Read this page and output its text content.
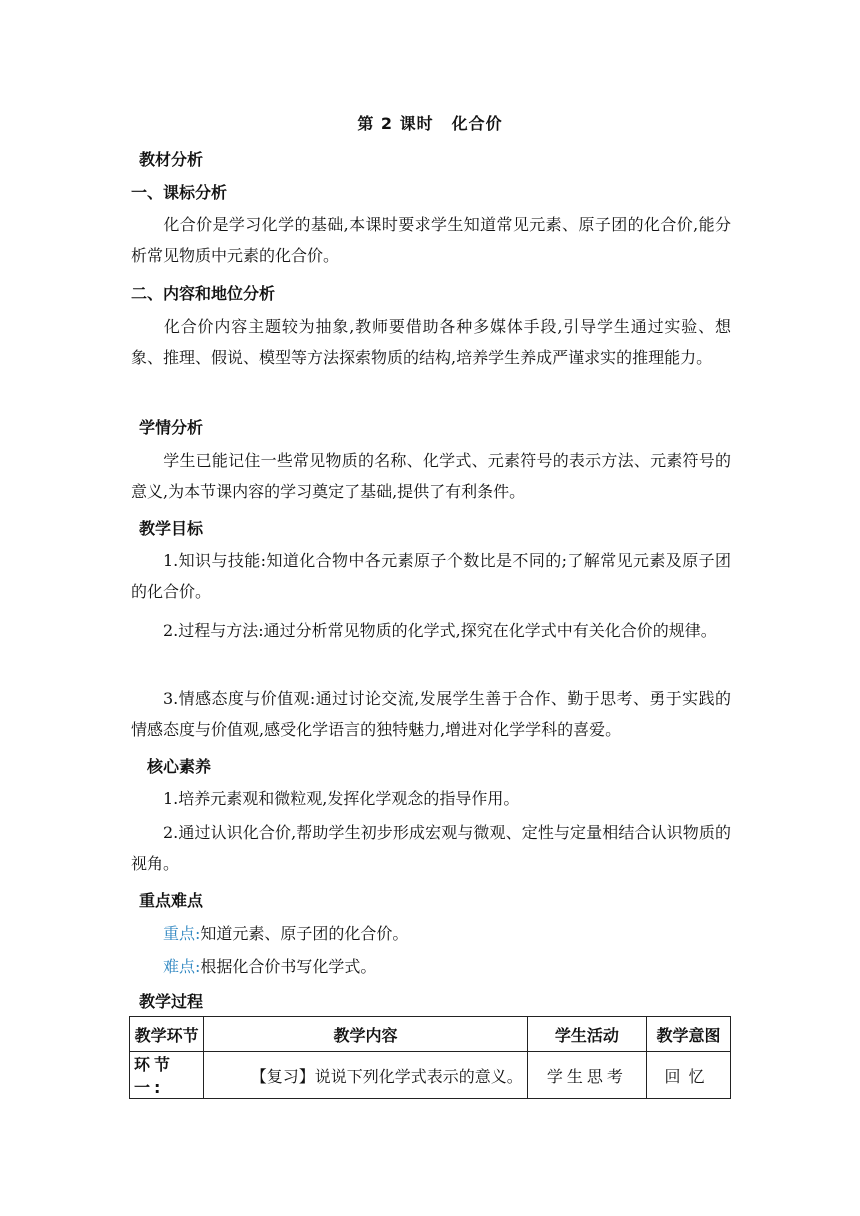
第 2 课时 化合价
教材分析
一、课标分析
化合价是学习化学的基础,本课时要求学生知道常见元素、原子团的化合价,能分析常见物质中元素的化合价。
二、内容和地位分析
化合价内容主题较为抽象,教师要借助各种多媒体手段,引导学生通过实验、想象、推理、假说、模型等方法探索物质的结构,培养学生养成严谨求实的推理能力。
学情分析
学生已能记住一些常见物质的名称、化学式、元素符号的表示方法、元素符号的意义,为本节课内容的学习奠定了基础,提供了有利条件。
教学目标
1.知识与技能:知道化合物中各元素原子个数比是不同的;了解常见元素及原子团的化合价。
2.过程与方法:通过分析常见物质的化学式,探究在化学式中有关化合价的规律。
3.情感态度与价值观:通过讨论交流,发展学生善于合作、勤于思考、勇于实践的情感态度与价值观,感受化学语言的独特魅力,增进对化学学科的喜爱。
核心素养
1.培养元素观和微粒观,发挥化学观念的指导作用。
2.通过认识化合价,帮助学生初步形成宏观与微观、定性与定量相结合认识物质的视角。
重点难点
重点:知道元素、原子团的化合价。
难点:根据化合价书写化学式。
教学过程
教学环节	教学内容	学生活动	教学意图
环节一:	【复习】说说下列化学式表示的意义。	学生思考	回忆
